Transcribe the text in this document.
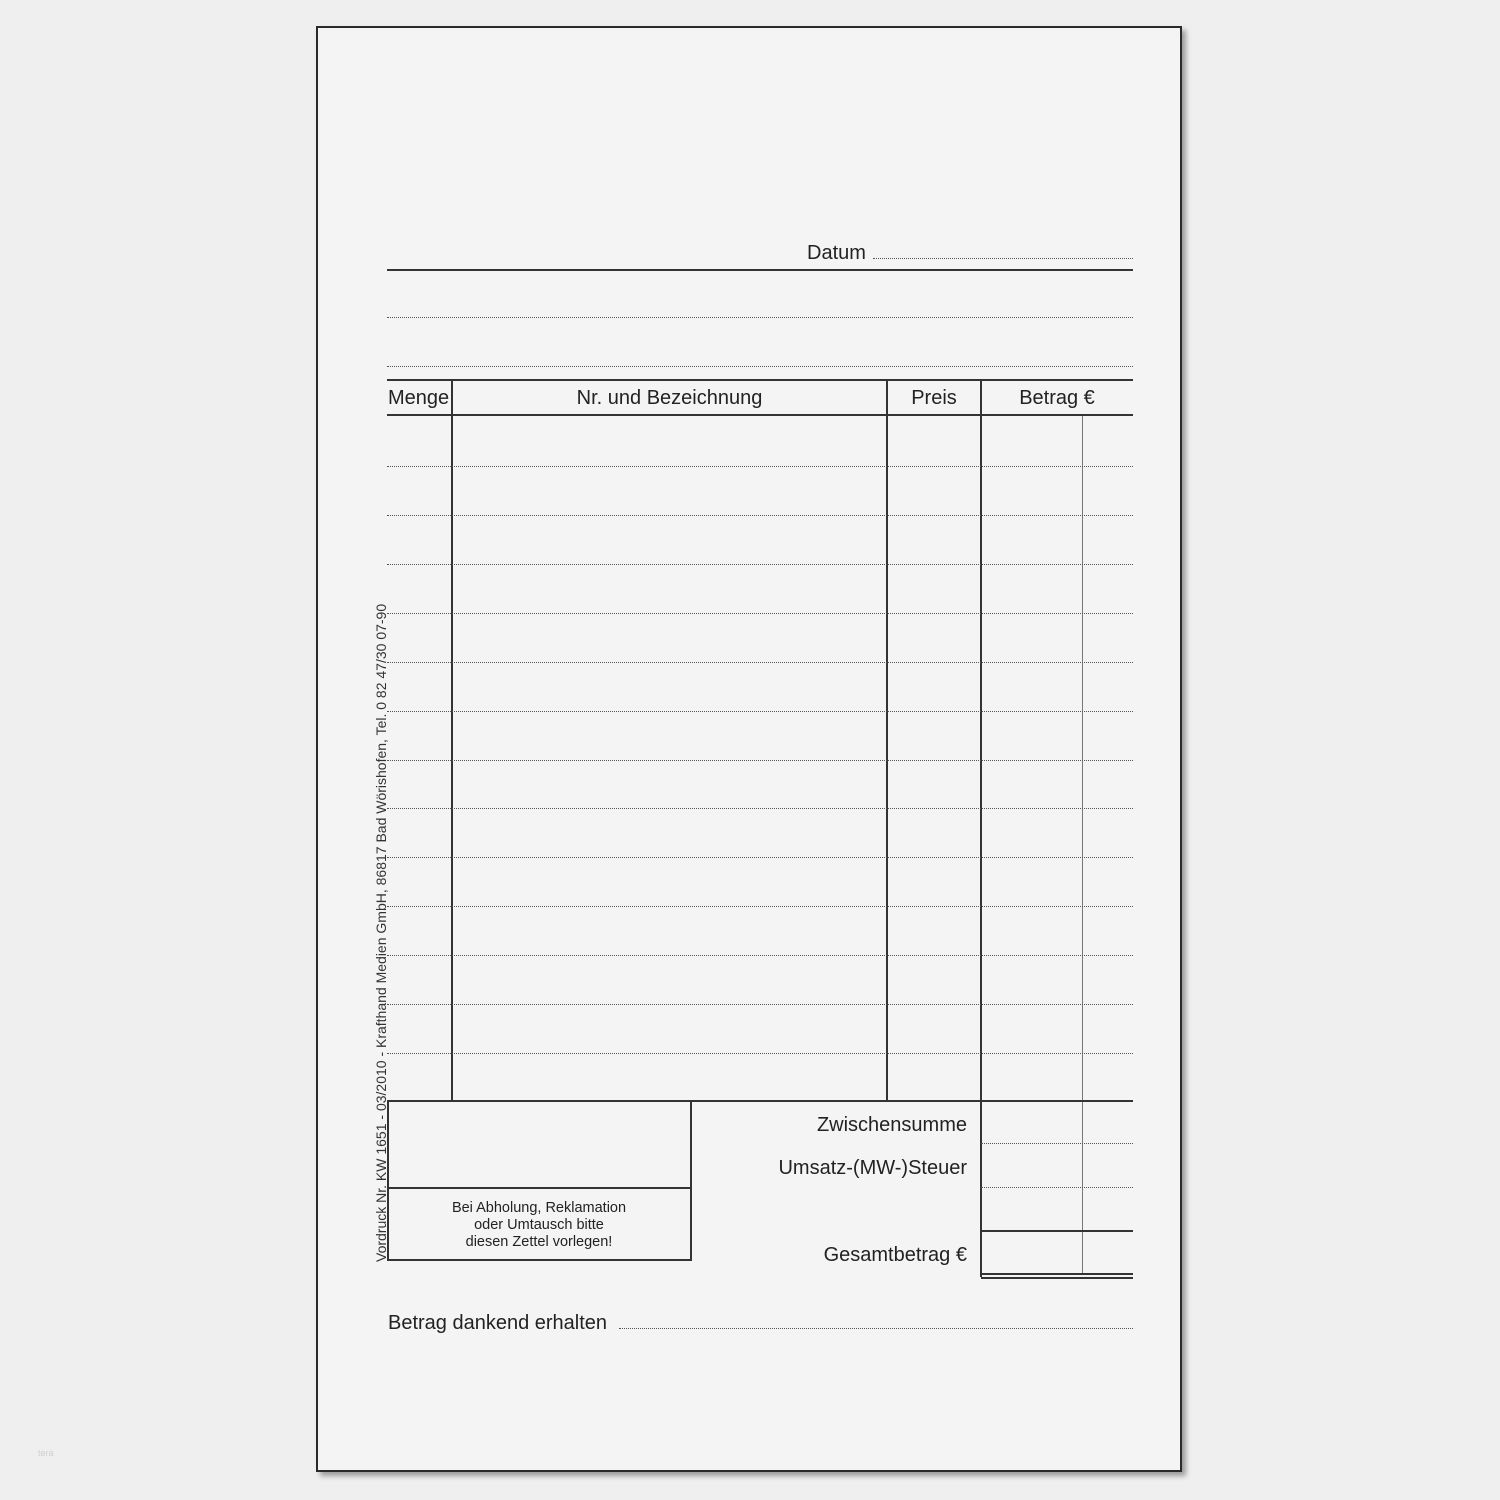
Datum
Menge	Nr. und Bezeichnung	Preis	Betrag €
Bei Abholung, Reklamation
oder Umtausch bitte
diesen Zettel vorlegen!
Zwischensumme
Umsatz-(MW-)Steuer
Gesamtbetrag €
Betrag dankend erhalten
Vordruck Nr. KW 1651 - 03/2010 - Krafthand Medien GmbH, 86817 Bad Wörishofen, Tel. 0 82 47/30 07-90
tera
